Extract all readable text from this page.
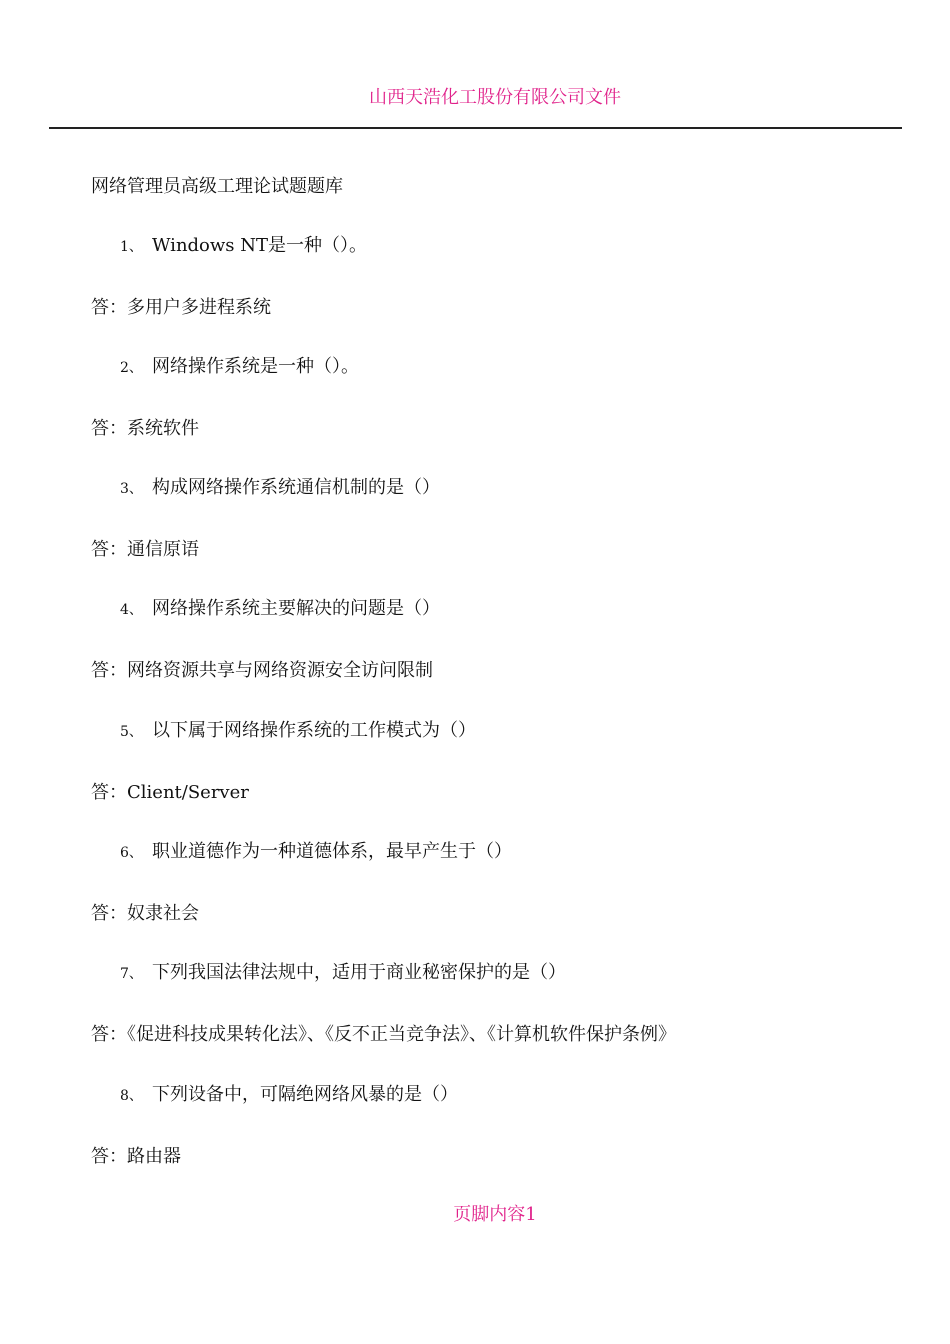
山西天浩化工股份有限公司文件
网络管理员高级工理论试题题库
1、 Windows NT是一种（）。
答：多用户多进程系统
2、 网络操作系统是一种（）。
答：系统软件
3、 构成网络操作系统通信机制的是（）
答：通信原语
4、 网络操作系统主要解决的问题是（）
答：网络资源共享与网络资源安全访问限制
5、 以下属于网络操作系统的工作模式为（）
答：Client/Server
6、 职业道德作为一种道德体系，最早产生于（）
答：奴隶社会
7、 下列我国法律法规中，适用于商业秘密保护的是（）
答：《促进科技成果转化法》、《反不正当竞争法》、《计算机软件保护条例》
8、 下列设备中，可隔绝网络风暴的是（）
答：路由器
页脚内容1
